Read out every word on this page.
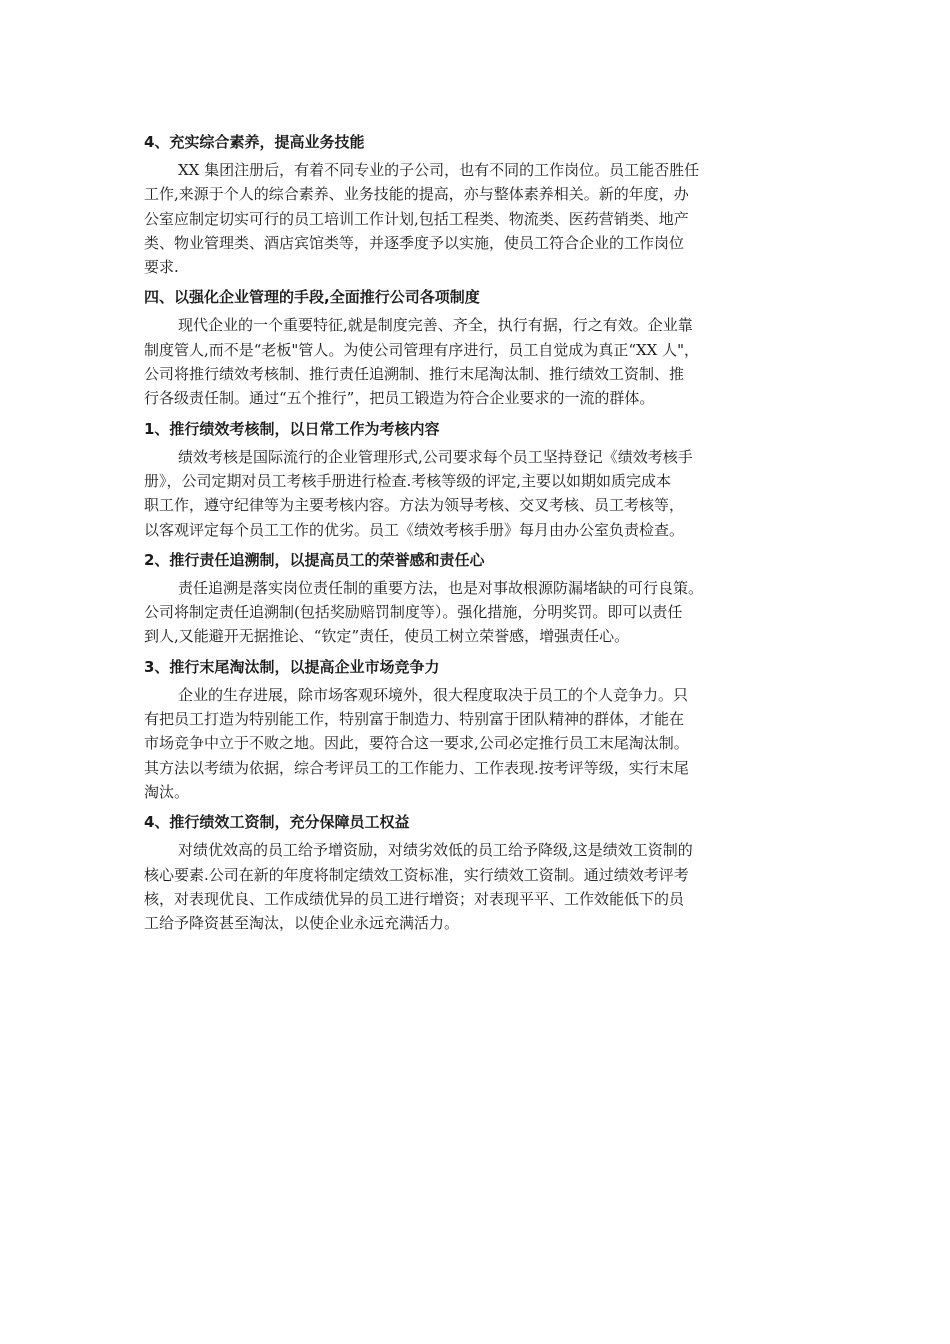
4、充实综合素养，提高业务技能
XX 集团注册后，有着不同专业的子公司，也有不同的工作岗位。员工能否胜任
工作,来源于个人的综合素养、业务技能的提高，亦与整体素养相关。新的年度，办
公室应制定切实可行的员工培训工作计划,包括工程类、物流类、医药营销类、地产
类、物业管理类、酒店宾馆类等，并逐季度予以实施，使员工符合企业的工作岗位
要求.
四、以强化企业管理的手段,全面推行公司各项制度
现代企业的一个重要特征,就是制度完善、齐全，执行有据，行之有效。企业靠
制度管人,而不是“老板"管人。为使公司管理有序进行，员工自觉成为真正“XX 人"，
公司将推行绩效考核制、推行责任追溯制、推行末尾淘汰制、推行绩效工资制、推
行各级责任制。通过“五个推行”，把员工锻造为符合企业要求的一流的群体。
1、推行绩效考核制，以日常工作为考核内容
绩效考核是国际流行的企业管理形式,公司要求每个员工坚持登记《绩效考核手
册》，公司定期对员工考核手册进行检查.考核等级的评定,主要以如期如质完成本
职工作，遵守纪律等为主要考核内容。方法为领导考核、交叉考核、员工考核等，
以客观评定每个员工工作的优劣。员工《绩效考核手册》每月由办公室负责检查。
2、推行责任追溯制，以提高员工的荣誉感和责任心
责任追溯是落实岗位责任制的重要方法，也是对事故根源防漏堵缺的可行良策。
公司将制定责任追溯制(包括奖励赔罚制度等）。强化措施，分明奖罚。即可以责任
到人,又能避开无据推论、“钦定”责任，使员工树立荣誉感，增强责任心。
3、推行末尾淘汰制，以提高企业市场竞争力
企业的生存进展，除市场客观环境外，很大程度取决于员工的个人竞争力。只
有把员工打造为特别能工作，特别富于制造力、特别富于团队精神的群体，才能在
市场竞争中立于不败之地。因此，要符合这一要求,公司必定推行员工末尾淘汰制。
其方法以考绩为依据，综合考评员工的工作能力、工作表现.按考评等级，实行末尾
淘汰。
4、推行绩效工资制，充分保障员工权益
对绩优效高的员工给予增资励，对绩劣效低的员工给予降级,这是绩效工资制的
核心要素.公司在新的年度将制定绩效工资标准，实行绩效工资制。通过绩效考评考
核，对表现优良、工作成绩优异的员工进行增资；对表现平平、工作效能低下的员
工给予降资甚至淘汰，以使企业永远充满活力。
